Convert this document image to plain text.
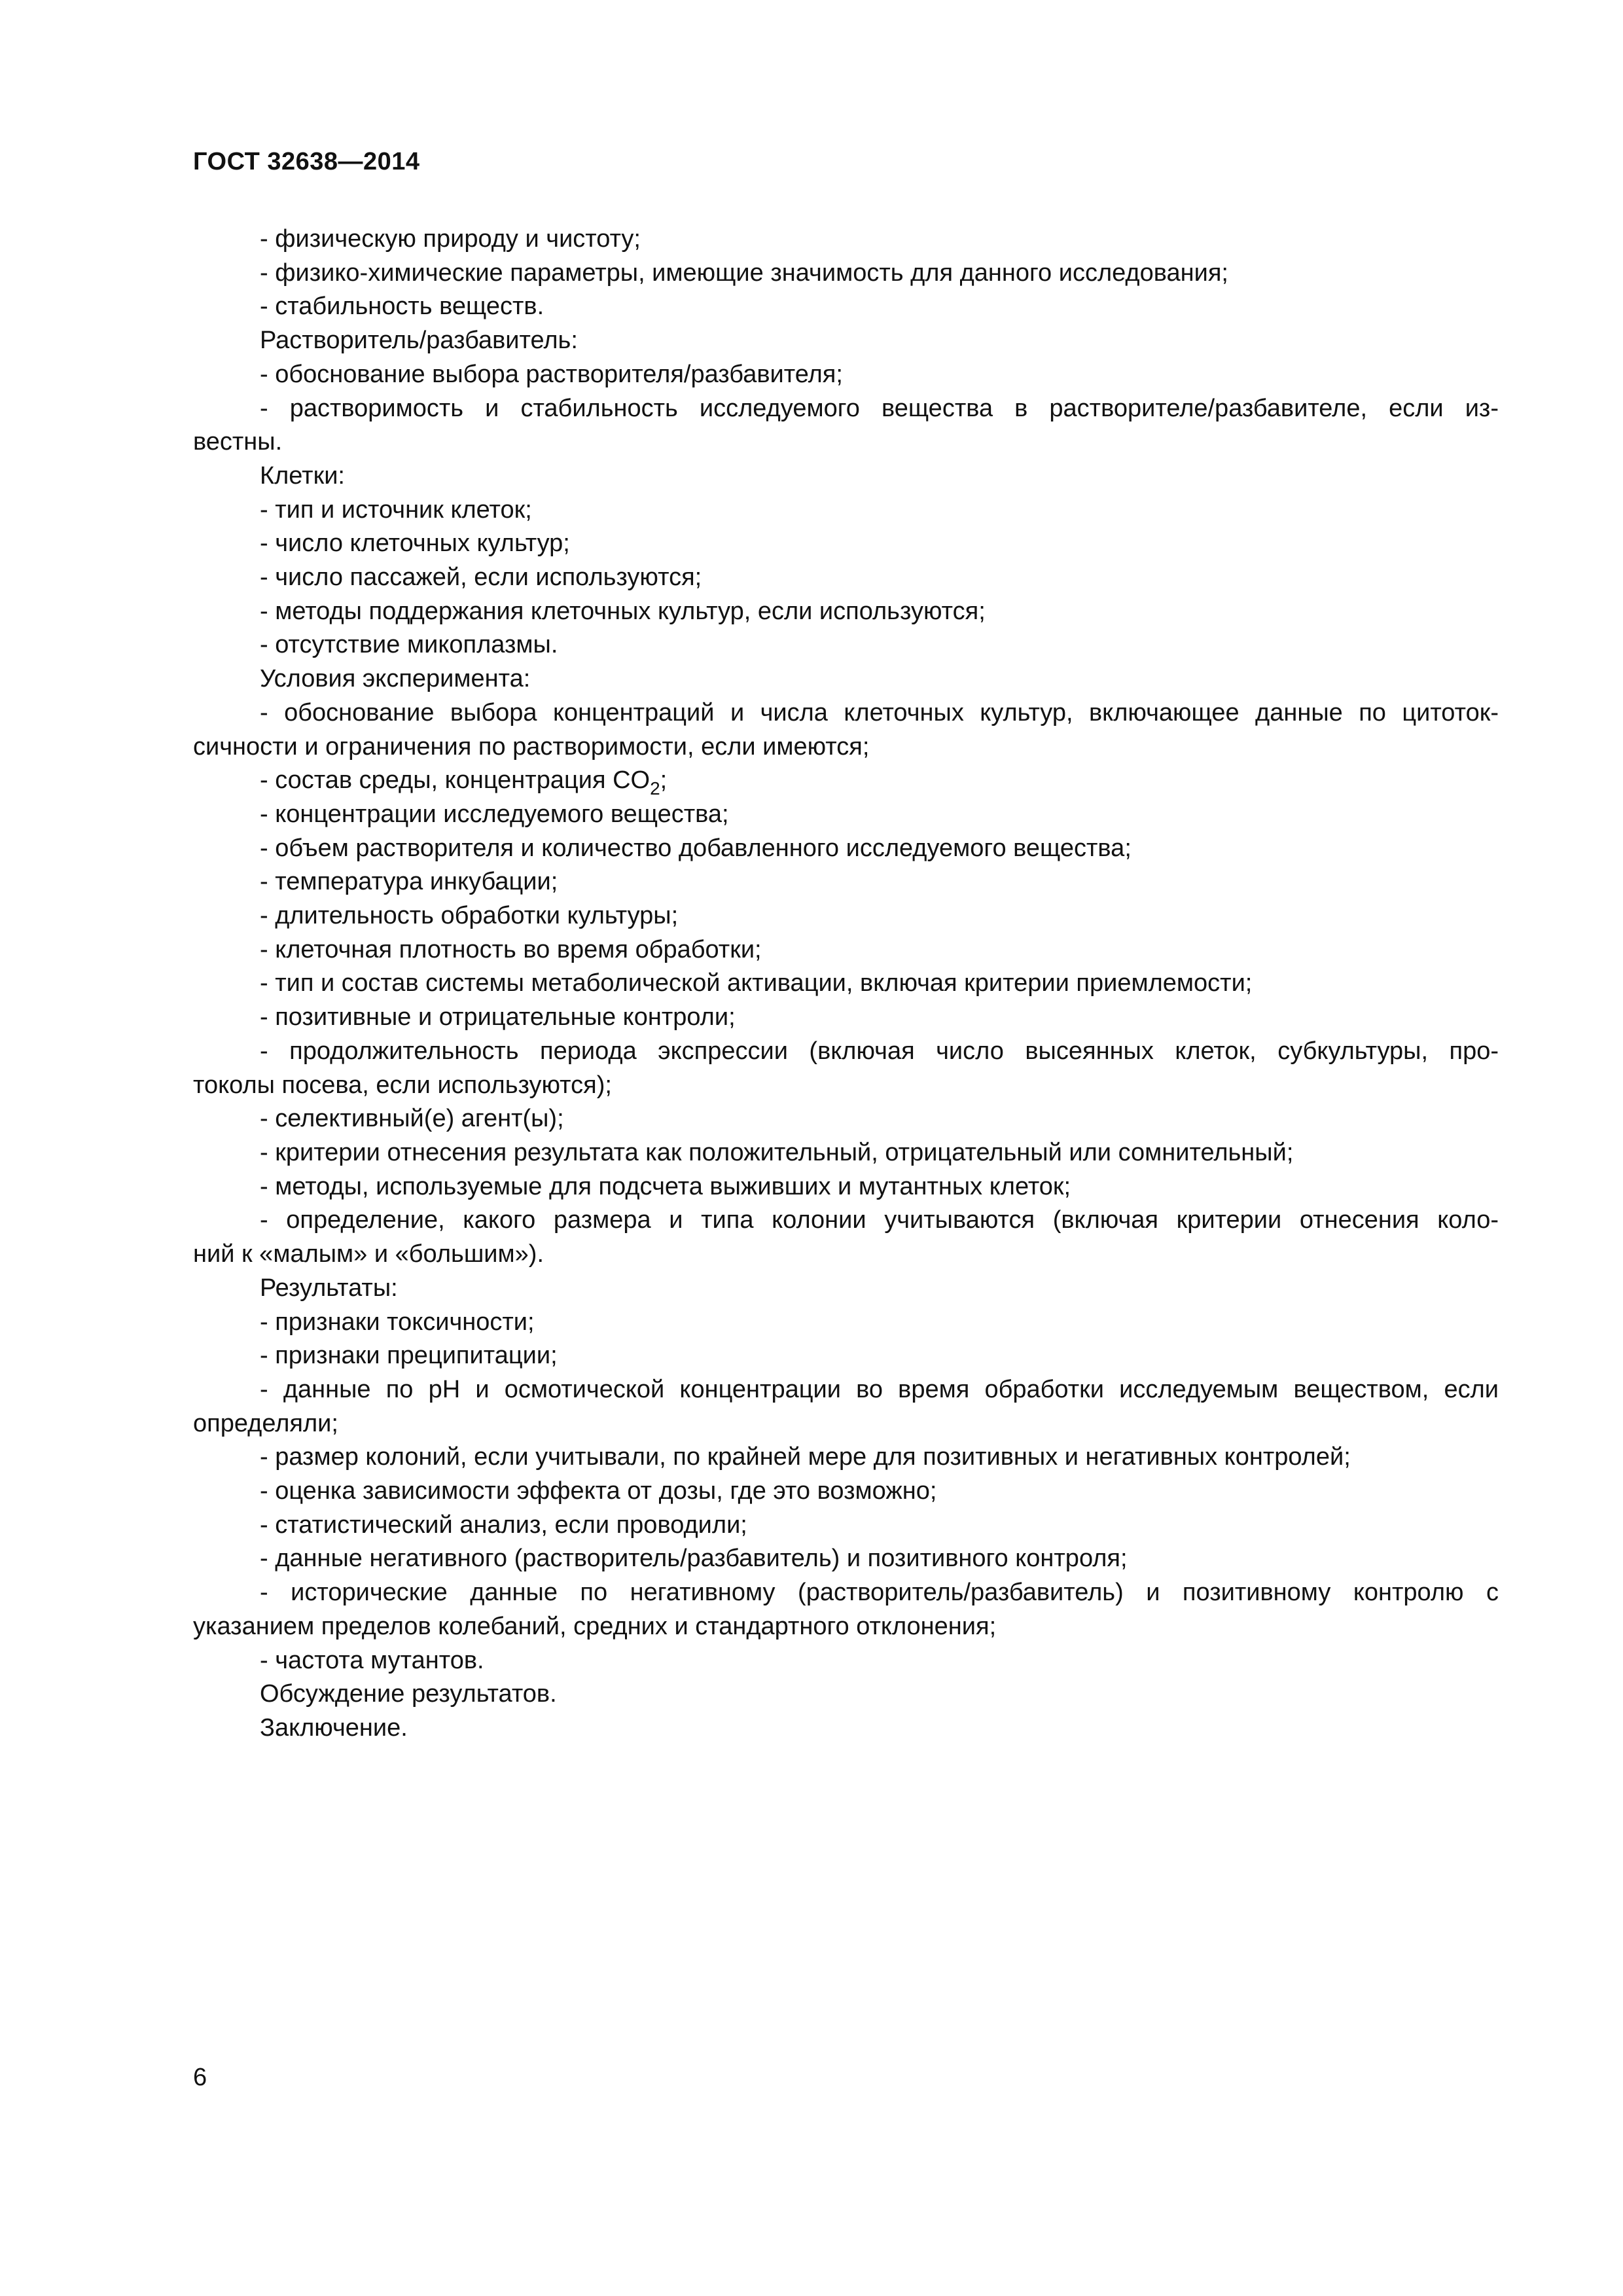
ГОСТ 32638—2014
- физическую природу и чистоту;
- физико-химические параметры, имеющие значимость для данного исследования;
- стабильность веществ.
Растворитель/разбавитель:
- обоснование выбора растворителя/разбавителя;
- растворимость и стабильность исследуемого вещества в растворителе/разбавителе, если из-
вестны.
Клетки:
- тип и источник клеток;
- число клеточных культур;
- число пассажей, если используются;
- методы поддержания клеточных культур, если используются;
- отсутствие микоплазмы.
Условия эксперимента:
- обоснование выбора концентраций и числа клеточных культур, включающее данные по цитоток-
сичности и ограничения по растворимости, если имеются;
- состав среды, концентрация $CO_2$;
- концентрации исследуемого вещества;
- объем растворителя и количество добавленного исследуемого вещества;
- температура инкубации;
- длительность обработки культуры;
- клеточная плотность во время обработки;
- тип и состав системы метаболической активации, включая критерии приемлемости;
- позитивные и отрицательные контроли;
- продолжительность периода экспрессии (включая число высеянных клеток, субкультуры, про-
токолы посева, если используются);
- селективный(е) агент(ы);
- критерии отнесения результата как положительный, отрицательный или сомнительный;
- методы, используемые для подсчета выживших и мутантных клеток;
- определение, какого размера и типа колонии учитываются (включая критерии отнесения коло-
ний к «малым» и «большим»).
Результаты:
- признаки токсичности;
- признаки преципитации;
- данные по pH и осмотической концентрации во время обработки исследуемым веществом, если
определяли;
- размер колоний, если учитывали, по крайней мере для позитивных и негативных контролей;
- оценка зависимости эффекта от дозы, где это возможно;
- статистический анализ, если проводили;
- данные негативного (растворитель/разбавитель) и позитивного контроля;
- исторические данные по негативному (растворитель/разбавитель) и позитивному контролю с
указанием пределов колебаний, средних и стандартного отклонения;
- частота мутантов.
Обсуждение результатов.
Заключение.
6
